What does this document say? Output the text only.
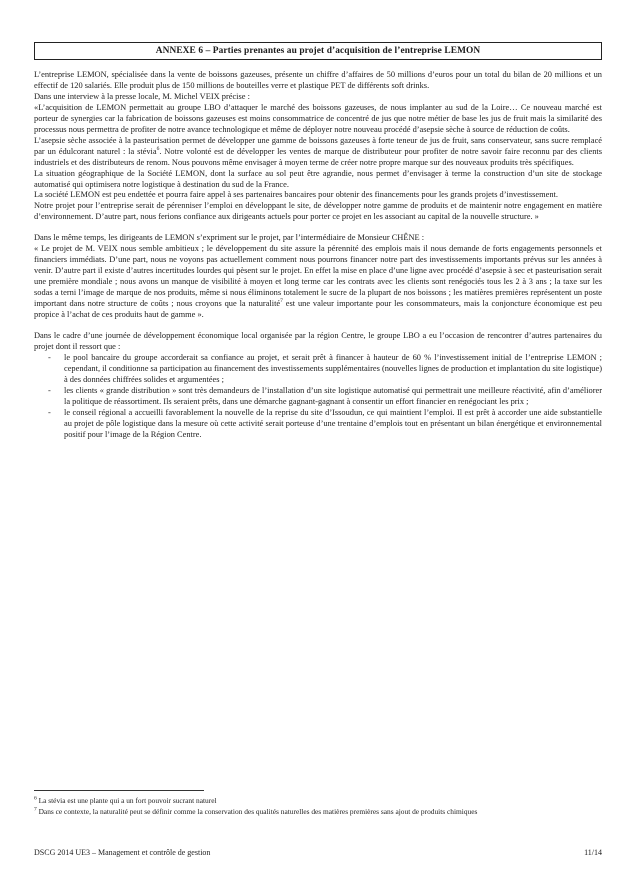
ANNEXE 6 – Parties prenantes au projet d’acquisition de l’entreprise LEMON

L’entreprise LEMON, spécialisée dans la vente de boissons gazeuses, présente un chiffre d’affaires de 50 millions d’euros pour un total du bilan de 20 millions et un effectif de 120 salariés. Elle produit plus de 150 millions de bouteilles verre et plastique PET de différents soft drinks.

Dans une interview à la presse locale, M. Michel VEIX précise :

«L’acquisition de LEMON permettait au groupe LBO d’attaquer le marché des boissons gazeuses, de nous implanter au sud de la Loire… Ce nouveau marché est porteur de synergies car la fabrication de boissons gazeuses est moins consommatrice de concentré de jus que notre métier de base les jus de fruit mais la similarité des processus nous permettra de profiter de notre avance technologique et même de déployer notre nouveau procédé d’asepsie sèche à source de réduction de coûts.

L’asepsie sèche associée à la pasteurisation permet de développer une gamme de boissons gazeuses à forte teneur de jus de fruit, sans conservateur, sans sucre remplacé par un édulcorant naturel : la stévia$^6$. Notre volonté est de développer les ventes de marque de distributeur pour profiter de notre savoir faire reconnu par des clients industriels et des distributeurs de renom. Nous pouvons même envisager à moyen terme de créer notre propre marque sur des nouveaux produits très spécifiques.

La situation géographique de la Société LEMON, dont la surface au sol peut être agrandie, nous permet d’envisager à terme la construction d’un site de stockage automatisé qui optimisera notre logistique à destination du sud de la France.

La société LEMON est peu endettée et pourra faire appel à ses partenaires bancaires pour obtenir des financements pour les grands projets d’investissement.

Notre projet pour l’entreprise serait de pérenniser l’emploi en développant le site, de développer notre gamme de produits et de maintenir notre engagement en matière d’environnement. D’autre part, nous ferions confiance aux dirigeants actuels pour porter ce projet en les associant au capital de la nouvelle structure. »

Dans le même temps, les dirigeants de LEMON s’expriment sur le projet, par l’intermédiaire de Monsieur CHÊNE :

« Le projet de M. VEIX nous semble ambitieux ; le développement du site assure la pérennité des emplois mais il nous demande de forts engagements personnels et financiers immédiats. D’une part, nous ne voyons pas actuellement comment nous pourrons financer notre part des investissements importants prévus sur les années à venir. D’autre part il existe d’autres incertitudes lourdes qui pèsent sur le projet. En effet la mise en place d’une ligne avec procédé d’asepsie à sec et pasteurisation serait une première mondiale ; nous avons un manque de visibilité à moyen et long terme car les contrats avec les clients sont renégociés tous les 2 à 3 ans ; la taxe sur les sodas a terni l’image de marque de nos produits, même si nous éliminons totalement le sucre de la plupart de nos boissons ; les matières premières représentent un poste important dans notre structure de coûts ; nous croyons que la naturalité$^7$ est une valeur importante pour les consommateurs, mais la conjoncture économique est peu propice à l’achat de ces produits haut de gamme ».

Dans le cadre d’une journée de développement économique local organisée par la région Centre, le groupe LBO a eu l’occasion de rencontrer d’autres partenaires du projet dont il ressort que :

- le pool bancaire du groupe accorderait sa confiance au projet, et serait prêt à financer à hauteur de 60 % l’investissement initial de l’entreprise LEMON ; cependant, il conditionne sa participation au financement des investissements supplémentaires (nouvelles lignes de production et implantation du site logistique) à des données chiffrées solides et argumentées ;
- les clients « grande distribution » sont très demandeurs de l’installation d’un site logistique automatisé qui permettrait une meilleure réactivité, afin d’améliorer la politique de réassortiment. Ils seraient prêts, dans une démarche gagnant-gagnant à consentir un effort financier en renégociant les prix ;
- le conseil régional a accueilli favorablement la nouvelle de la reprise du site d’Issoudun, ce qui maintient l’emploi. Il est prêt à accorder une aide substantielle au projet de pôle logistique dans la mesure où cette activité serait porteuse d’une trentaine d’emplois tout en présentant un bilan énergétique et environnemental positif pour l’image de la Région Centre.

$^6$ La stévia est une plante qui a un fort pouvoir sucrant naturel

$^7$ Dans ce contexte, la naturalité peut se définir comme la conservation des qualités naturelles des matières premières sans ajout de produits chimiques

DSCG 2014 UE3 – Management et contrôle de gestion	11/14
